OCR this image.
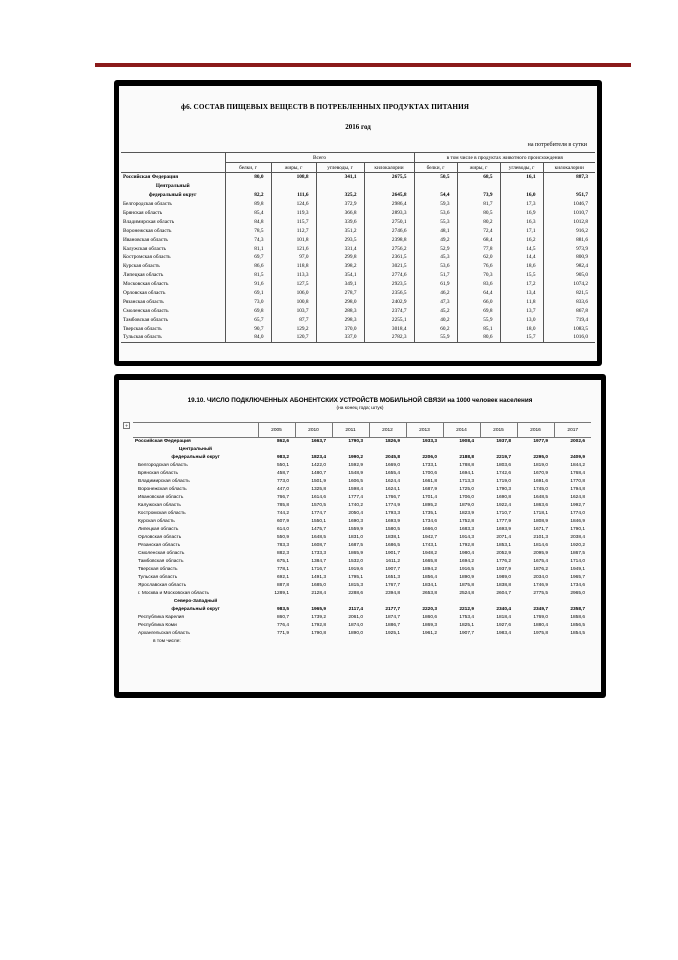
ф6. СОСТАВ ПИЩЕВЫХ ВЕЩЕСТВ В ПОТРЕБЛЕННЫХ ПРОДУКТАХ ПИТАНИЯ
2016 год
на потребителя в сутки
	Всего				в том числе в продуктах животного происхождения			
	белки, г	жиры, г	углеводы, г	килокалории	белки, г	жиры, г	углеводы, г	килокалории
Российская Федерация	80,0	108,8	341,1	2675,5	50,5	68,5	16,1	887,3
Центральный								
федеральный округ	82,2	111,6	325,2	2645,8	54,4	73,9	16,0	951,7
Белгородская область	89,8	124,6	372,9	2986,4	59,3	81,7	17,3	1046,7
Брянская область	85,4	119,3	366,8	2893,3	53,6	80,5	16,9	1010,7
Владимирская область	84,8	115,7	339,6	2750,1	55,3	80,2	16,3	1012,8
Воронежская область	78,5	112,7	351,2	2746,6	48,1	72,4	17,1	916,2
Ивановская область	74,3	101,8	293,5	2398,8	49,2	68,4	16,2	881,6
Калужская область	81,1	121,6	331,4	2756,2	52,9	77,8	14,5	973,9
Костромская область	69,7	97,0	299,8	2361,5	45,3	62,0	14,4	800,9
Курская область	86,6	118,8	398,2	3021,5	53,6	76,6	18,6	982,4
Липецкая область	81,5	113,3	354,1	2774,6	51,7	70,3	15,5	905,0
Московская область	91,6	127,5	349,1	2923,5	61,9	83,6	17,2	1074,2
Орловская область	69,1	106,0	278,7	2356,5	46,2	64,4	13,4	821,5
Рязанская область	73,0	100,8	298,0	2402,9	47,3	66,0	11,8	833,6
Смоленская область	69,8	103,7	288,3	2374,7	45,2	69,8	13,7	867,8
Тамбовская область	65,7	87,7	298,3	2255,1	40,2	55,9	13,0	719,4
Тверская область	90,7	129,2	370,0	3018,4	60,2	85,1	18,0	1083,5
Тульская область	84,0	120,7	337,0	2782,3	55,9	80,6	15,7	1016,0
19.10. ЧИСЛО ПОДКЛЮЧЕННЫХ АБОНЕНТСКИХ УСТРОЙСТВ МОБИЛЬНОЙ СВЯЗИ на 1000 человек населения
(на конец года; штук)
+
	2005	2010	2011	2012	2013	2014	2015	2016	2017
Российская Федерация	862,6	1663,7	1790,3	1826,9	1933,3	1908,4	1937,8	1977,9	2002,6
Центральный									
федеральный округ	983,2	1823,4	1990,2	2045,8	2206,0	2188,8	2219,7	2295,0	2409,9
Белгородская область	550,1	1422,0	1592,9	1669,0	1733,1	1788,8	1803,6	1819,0	1844,2
Брянская область	458,7	1480,7	1548,9	1655,4	1700,6	1694,1	1742,6	1670,9	1768,4
Владимирская область	773,0	1501,9	1606,5	1624,4	1661,8	1713,3	1719,0	1691,6	1770,8
Воронежская область	447,0	1325,8	1598,4	1624,1	1687,9	1725,0	1790,3	1745,0	1794,8
Ивановская область	766,7	1614,6	1777,4	1766,7	1701,4	1706,0	1690,8	1648,5	1624,8
Калужская область	785,8	1570,5	1740,2	1774,9	1895,2	1879,0	1922,4	1863,6	1992,7
Костромская область	744,2	1774,7	2050,4	1793,3	1735,1	1823,9	1710,7	1718,1	1774,0
Курская область	607,9	1550,1	1690,3	1693,9	1734,6	1752,8	1777,9	1808,9	1846,9
Липецкая область	614,0	1475,7	1559,9	1580,5	1666,0	1683,3	1693,9	1671,7	1790,1
Орловская область	550,9	1648,5	1831,0	1838,1	1942,7	1914,3	2071,4	2101,3	2038,4
Рязанская область	783,3	1608,7	1687,5	1686,5	1743,1	1792,8	1853,1	1814,6	1920,2
Смоленская область	882,3	1733,3	1865,9	1901,7	1948,2	1980,4	2052,9	2095,9	1867,5
Тамбовская область	675,1	1384,7	1532,0	1611,2	1665,8	1694,2	1776,2	1675,4	1714,0
Тверская область	778,1	1716,7	1919,6	1907,7	1894,2	1916,5	1937,9	1876,2	1949,1
Тульская область	692,1	1491,3	1795,1	1651,3	1856,4	1890,9	1989,0	2034,0	1965,7
Ярославская область	887,8	1685,0	1815,3	1767,7	1834,1	1875,8	1838,8	1746,9	1734,6
г. Москва и Московская область	1289,1	2128,4	2288,6	2394,8	2653,8	2524,8	2604,7	2775,5	2965,0
Северо-Западный									
федеральный округ	983,5	1965,9	2117,4	2177,7	2220,3	2212,9	2340,4	2349,7	2358,7
Республика Карелия	860,7	1739,2	2061,0	1874,7	1860,6	1753,4	1818,4	1769,0	1858,6
Республика Коми	776,4	1792,8	1874,0	1886,7	1869,3	1825,1	1927,6	1880,4	1856,5
Архангельская область	771,9	1790,8	1890,0	1925,1	1961,2	1907,7	1983,4	1975,8	1854,5
в том числе:									
